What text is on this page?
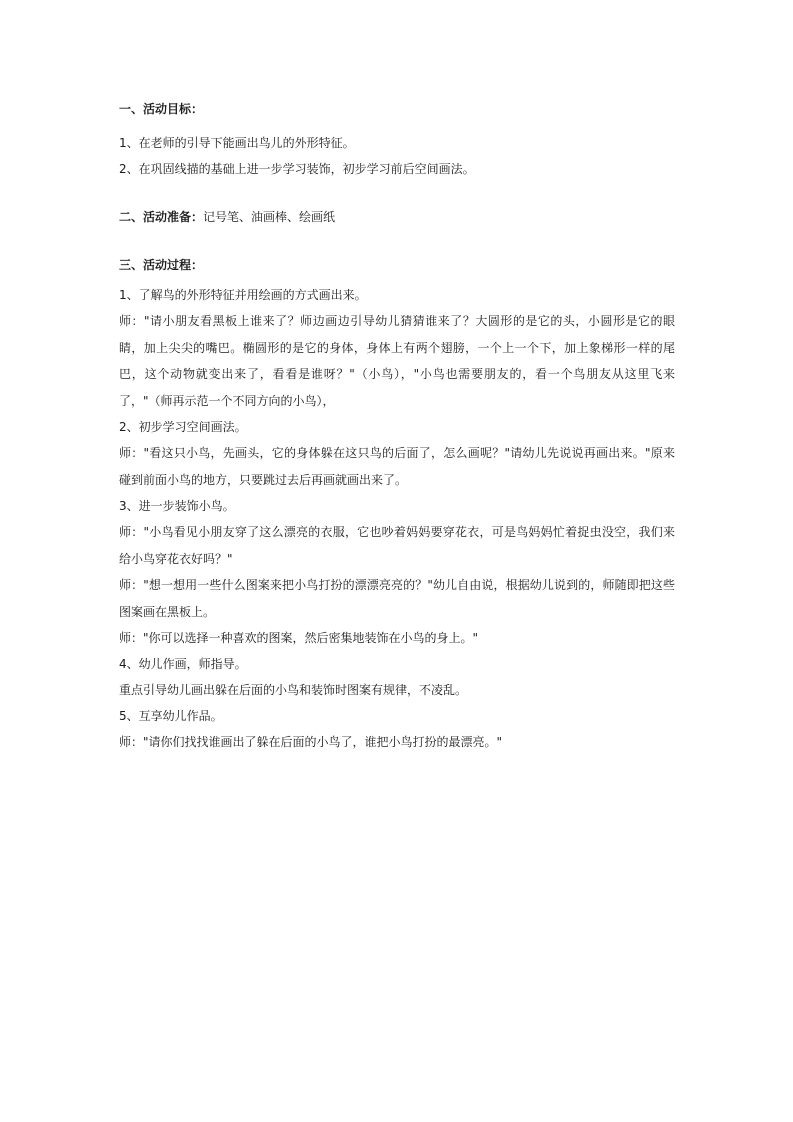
一、活动目标：

1、在老师的引导下能画出鸟儿的外形特征。

2、在巩固线描的基础上进一步学习装饰，初步学习前后空间画法。

二、活动准备：记号笔、油画棒、绘画纸

三、活动过程：

1、了解鸟的外形特征并用绘画的方式画出来。

师："请小朋友看黑板上谁来了？师边画边引导幼儿猜猜谁来了？大圆形的是它的头，小圆形是它的眼睛，加上尖尖的嘴巴。椭圆形的是它的身体，身体上有两个翅膀，一个上一个下，加上象梯形一样的尾巴，这个动物就变出来了，看看是谁呀？"（小鸟），"小鸟也需要朋友的，看一个鸟朋友从这里飞来了，"（师再示范一个不同方向的小鸟），

2、初步学习空间画法。

师："看这只小鸟，先画头，它的身体躲在这只鸟的后面了，怎么画呢？"请幼儿先说说再画出来。"原来碰到前面小鸟的地方，只要跳过去后再画就画出来了。

3、进一步装饰小鸟。

师："小鸟看见小朋友穿了这么漂亮的衣服，它也吵着妈妈要穿花衣，可是鸟妈妈忙着捉虫没空，我们来给小鸟穿花衣好吗？"

师："想一想用一些什么图案来把小鸟打扮的漂漂亮亮的？"幼儿自由说，根据幼儿说到的，师随即把这些图案画在黑板上。

师："你可以选择一种喜欢的图案，然后密集地装饰在小鸟的身上。"

4、幼儿作画，师指导。

重点引导幼儿画出躲在后面的小鸟和装饰时图案有规律，不凌乱。

5、互享幼儿作品。

师："请你们找找谁画出了躲在后面的小鸟了，谁把小鸟打扮的最漂亮。"
